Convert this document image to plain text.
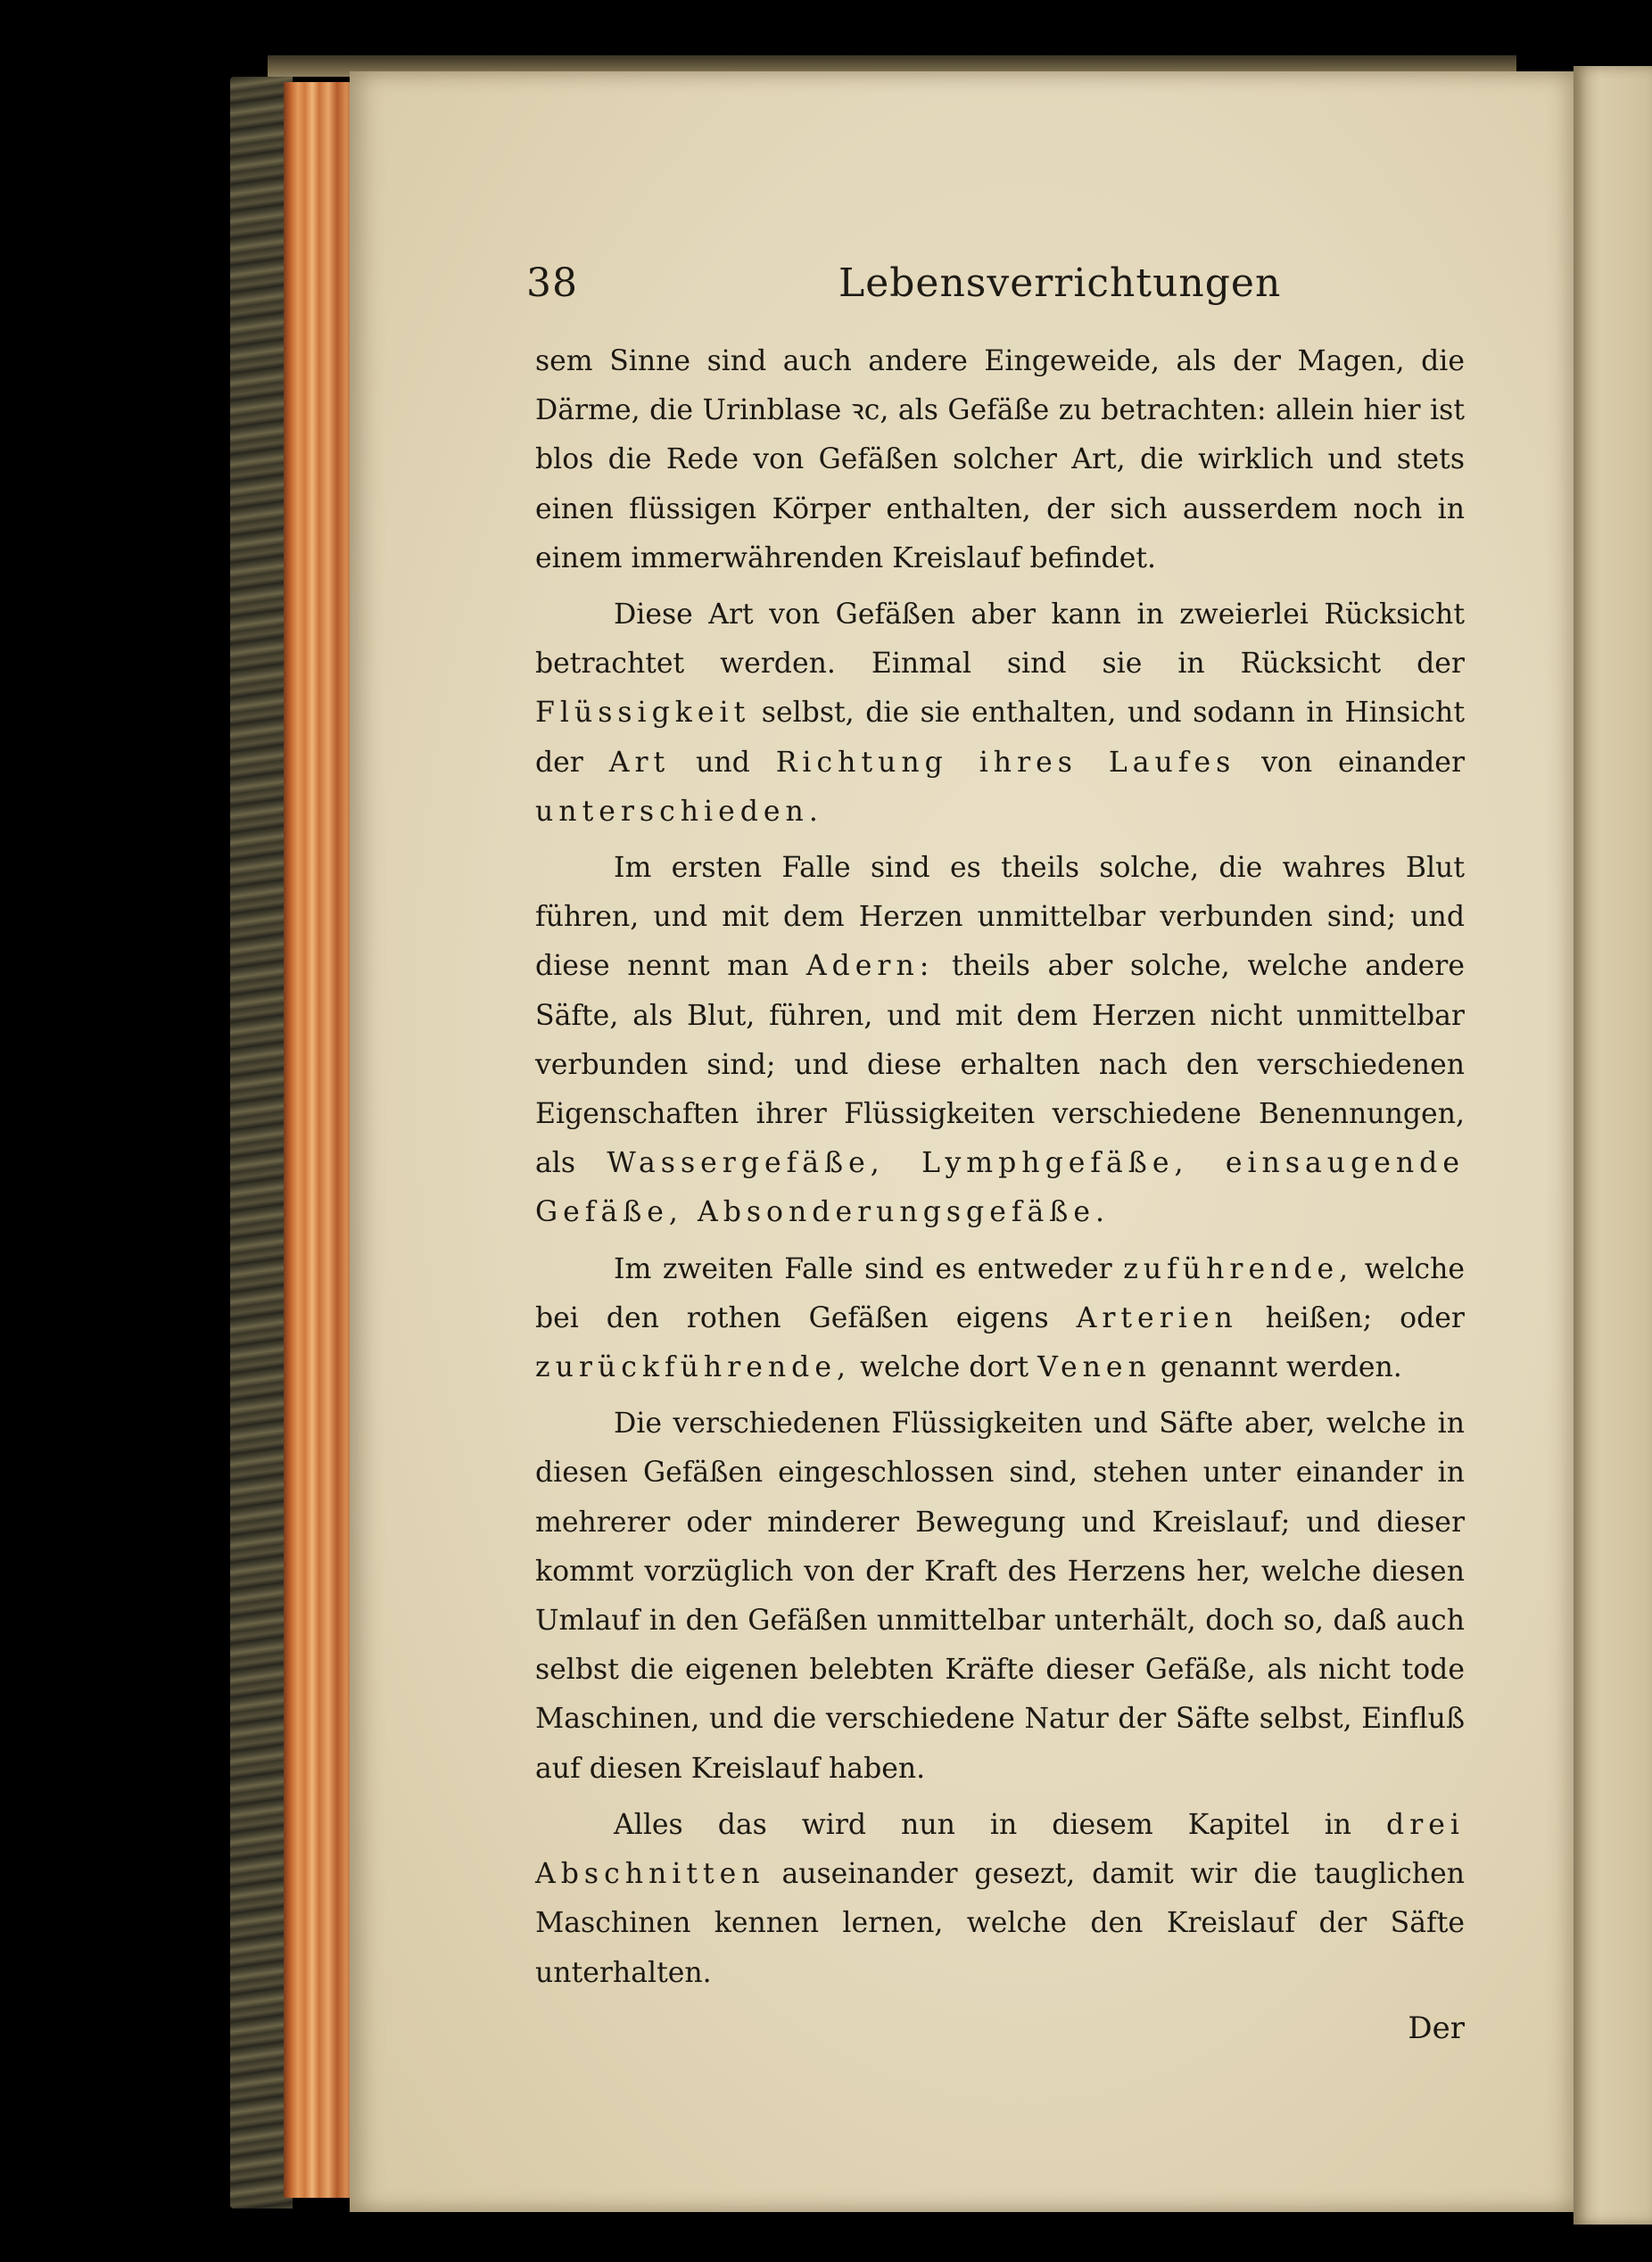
38	Lebensverrichtungen

sem Sinne sind auch andere Eingeweide, als der Magen, die Därme, die Urinblase ꝛc, als Gefäße zu betrachten: allein hier ist blos die Rede von Gefäßen solcher Art, die wirklich und stets einen flüssigen Körper enthalten, der sich ausserdem noch in einem immerwährenden Kreislauf befindet.

Diese Art von Gefäßen aber kann in zweierlei Rücksicht betrachtet werden. Einmal sind sie in Rücksicht der Flüssigkeit selbst, die sie enthalten, und sodann in Hinsicht der Art und Richtung ihres Laufes von einander unterschieden.

Im ersten Falle sind es theils solche, die wahres Blut führen, und mit dem Herzen unmittelbar verbunden sind; und diese nennt man Adern: theils aber solche, welche andere Säfte, als Blut, führen, und mit dem Herzen nicht unmittelbar verbunden sind; und diese erhalten nach den verschiedenen Eigenschaften ihrer Flüssigkeiten verschiedene Benennungen, als Wassergefäße, Lymphgefäße, einsaugende Gefäße, Absonderungsgefäße.

Im zweiten Falle sind es entweder zuführende, welche bei den rothen Gefäßen eigens Arterien heißen; oder zurückführende, welche dort Venen genannt werden.

Die verschiedenen Flüssigkeiten und Säfte aber, welche in diesen Gefäßen eingeschlossen sind, stehen unter einander in mehrerer oder minderer Bewegung und Kreislauf; und dieser kommt vorzüglich von der Kraft des Herzens her, welche diesen Umlauf in den Gefäßen unmittelbar unterhält, doch so, daß auch selbst die eigenen belebten Kräfte dieser Gefäße, als nicht tode Maschinen, und die verschiedene Natur der Säfte selbst, Einfluß auf diesen Kreislauf haben.

Alles das wird nun in diesem Kapitel in drei Abschnitten auseinander gesezt, damit wir die tauglichen Maschinen kennen lernen, welche den Kreislauf der Säfte unterhalten.

Der
